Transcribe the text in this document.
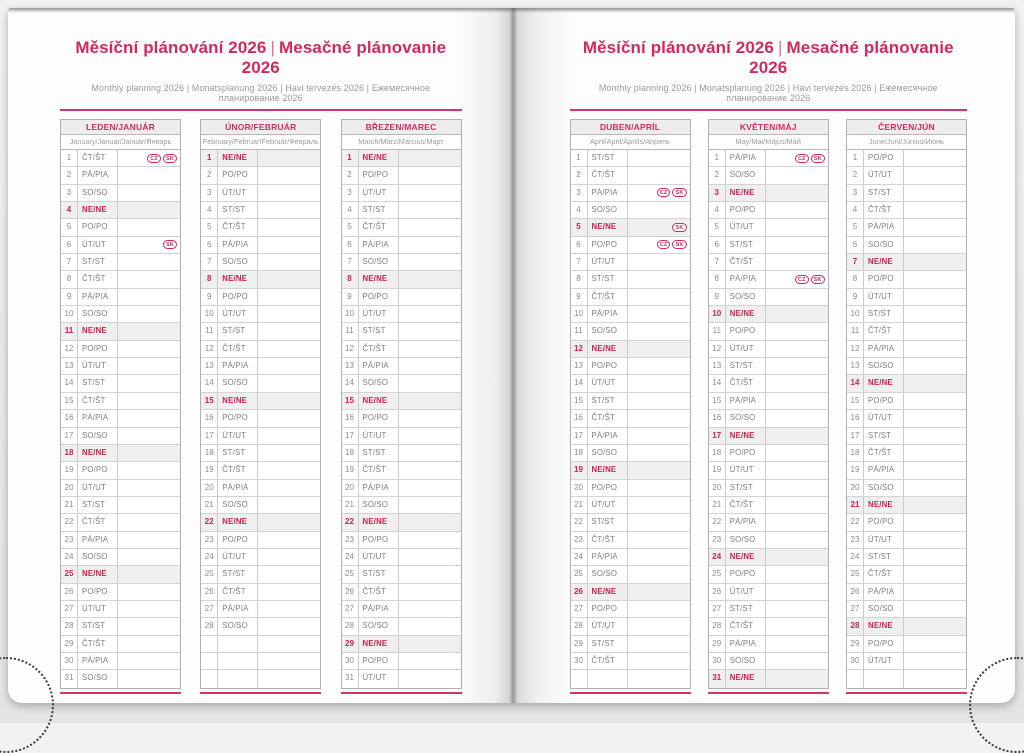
Měsíční plánování 2026 | Mesačné plánovanie 2026
Monthly planning 2026 | Monatsplanung 2026 | Havi tervezés 2026 | Ежемесячное планирование 2026
LEDEN/JANUÁR
January/Januar/Január/Январь
1	ČT/ŠT	CZ	SK
2	PÁ/PIA
3	SO/SO
4	NE/NE
5	PO/PO
6	ÚT/UT	SK
7	ST/ST
8	ČT/ŠT
9	PÁ/PIA
10	SO/SO
11	NE/NE
12	PO/PO
13	ÚT/UT
14	ST/ST
15	ČT/ŠT
16	PÁ/PIA
17	SO/SO
18	NE/NE
19	PO/PO
20	ÚT/UT
21	ST/ST
22	ČT/ŠT
23	PÁ/PIA
24	SO/SO
25	NE/NE
26	PO/PO
27	ÚT/UT
28	ST/ST
29	ČT/ŠT
30	PÁ/PIA
31	SO/SO
ÚNOR/FEBRUÁR
February/Februar/Február/Февраль
1	NE/NE
2	PO/PO
3	ÚT/UT
4	ST/ST
5	ČT/ŠT
6	PÁ/PIA
7	SO/SO
8	NE/NE
9	PO/PO
10	ÚT/UT
11	ST/ST
12	ČT/ŠT
13	PÁ/PIA
14	SO/SO
15	NE/NE
16	PO/PO
17	ÚT/UT
18	ST/ST
19	ČT/ŠT
20	PÁ/PIA
21	SO/SO
22	NE/NE
23	PO/PO
24	ÚT/UT
25	ST/ST
26	ČT/ŠT
27	PÁ/PIA
28	SO/SO
BŘEZEN/MAREC
March/März/Március/Март
1	NE/NE
2	PO/PO
3	ÚT/UT
4	ST/ST
5	ČT/ŠT
6	PÁ/PIA
7	SO/SO
8	NE/NE
9	PO/PO
10	ÚT/UT
11	ST/ST
12	ČT/ŠT
13	PÁ/PIA
14	SO/SO
15	NE/NE
16	PO/PO
17	ÚT/UT
18	ST/ST
19	ČT/ŠT
20	PÁ/PIA
21	SO/SO
22	NE/NE
23	PO/PO
24	ÚT/UT
25	ST/ST
26	ČT/ŠT
27	PÁ/PIA
28	SO/SO
29	NE/NE
30	PO/PO
31	ÚT/UT
Měsíční plánování 2026 | Mesačné plánovanie 2026
Monthly planning 2026 | Monatsplanung 2026 | Havi tervezés 2026 | Ежемесячное планирование 2026
DUBEN/APRÍL
April/April/Április/Апрель
1	ST/ST
2	ČT/ŠT
3	PÁ/PIA	CZ	SK
4	SO/SO
5	NE/NE	SK
6	PO/PO	CZ	SK
7	ÚT/UT
8	ST/ST
9	ČT/ŠT
10	PÁ/PIA
11	SO/SO
12	NE/NE
13	PO/PO
14	ÚT/UT
15	ST/ST
16	ČT/ŠT
17	PÁ/PIA
18	SO/SO
19	NE/NE
20	PO/PO
21	ÚT/UT
22	ST/ST
23	ČT/ŠT
24	PÁ/PIA
25	SO/SO
26	NE/NE
27	PO/PO
28	ÚT/UT
29	ST/ST
30	ČT/ŠT
KVĚTEN/MÁJ
May/Mai/Május/Май
1	PÁ/PIA	CZ	SK
2	SO/SO
3	NE/NE
4	PO/PO
5	ÚT/UT
6	ST/ST
7	ČT/ŠT
8	PÁ/PIA	CZ	SK
9	SO/SO
10	NE/NE
11	PO/PO
12	ÚT/UT
13	ST/ST
14	ČT/ŠT
15	PÁ/PIA
16	SO/SO
17	NE/NE
18	PO/PO
19	ÚT/UT
20	ST/ST
21	ČT/ŠT
22	PÁ/PIA
23	SO/SO
24	NE/NE
25	PO/PO
26	ÚT/UT
27	ST/ST
28	ČT/ŠT
29	PÁ/PIA
30	SO/SO
31	NE/NE
ČERVEN/JÚN
June/Juni/Június/Июнь
1	PO/PO
2	ÚT/UT
3	ST/ST
4	ČT/ŠT
5	PÁ/PIA
6	SO/SO
7	NE/NE
8	PO/PO
9	ÚT/UT
10	ST/ST
11	ČT/ŠT
12	PÁ/PIA
13	SO/SO
14	NE/NE
15	PO/PO
16	ÚT/UT
17	ST/ST
18	ČT/ŠT
19	PÁ/PIA
20	SO/SO
21	NE/NE
22	PO/PO
23	ÚT/UT
24	ST/ST
25	ČT/ŠT
26	PÁ/PIA
27	SO/SO
28	NE/NE
29	PO/PO
30	ÚT/UT
